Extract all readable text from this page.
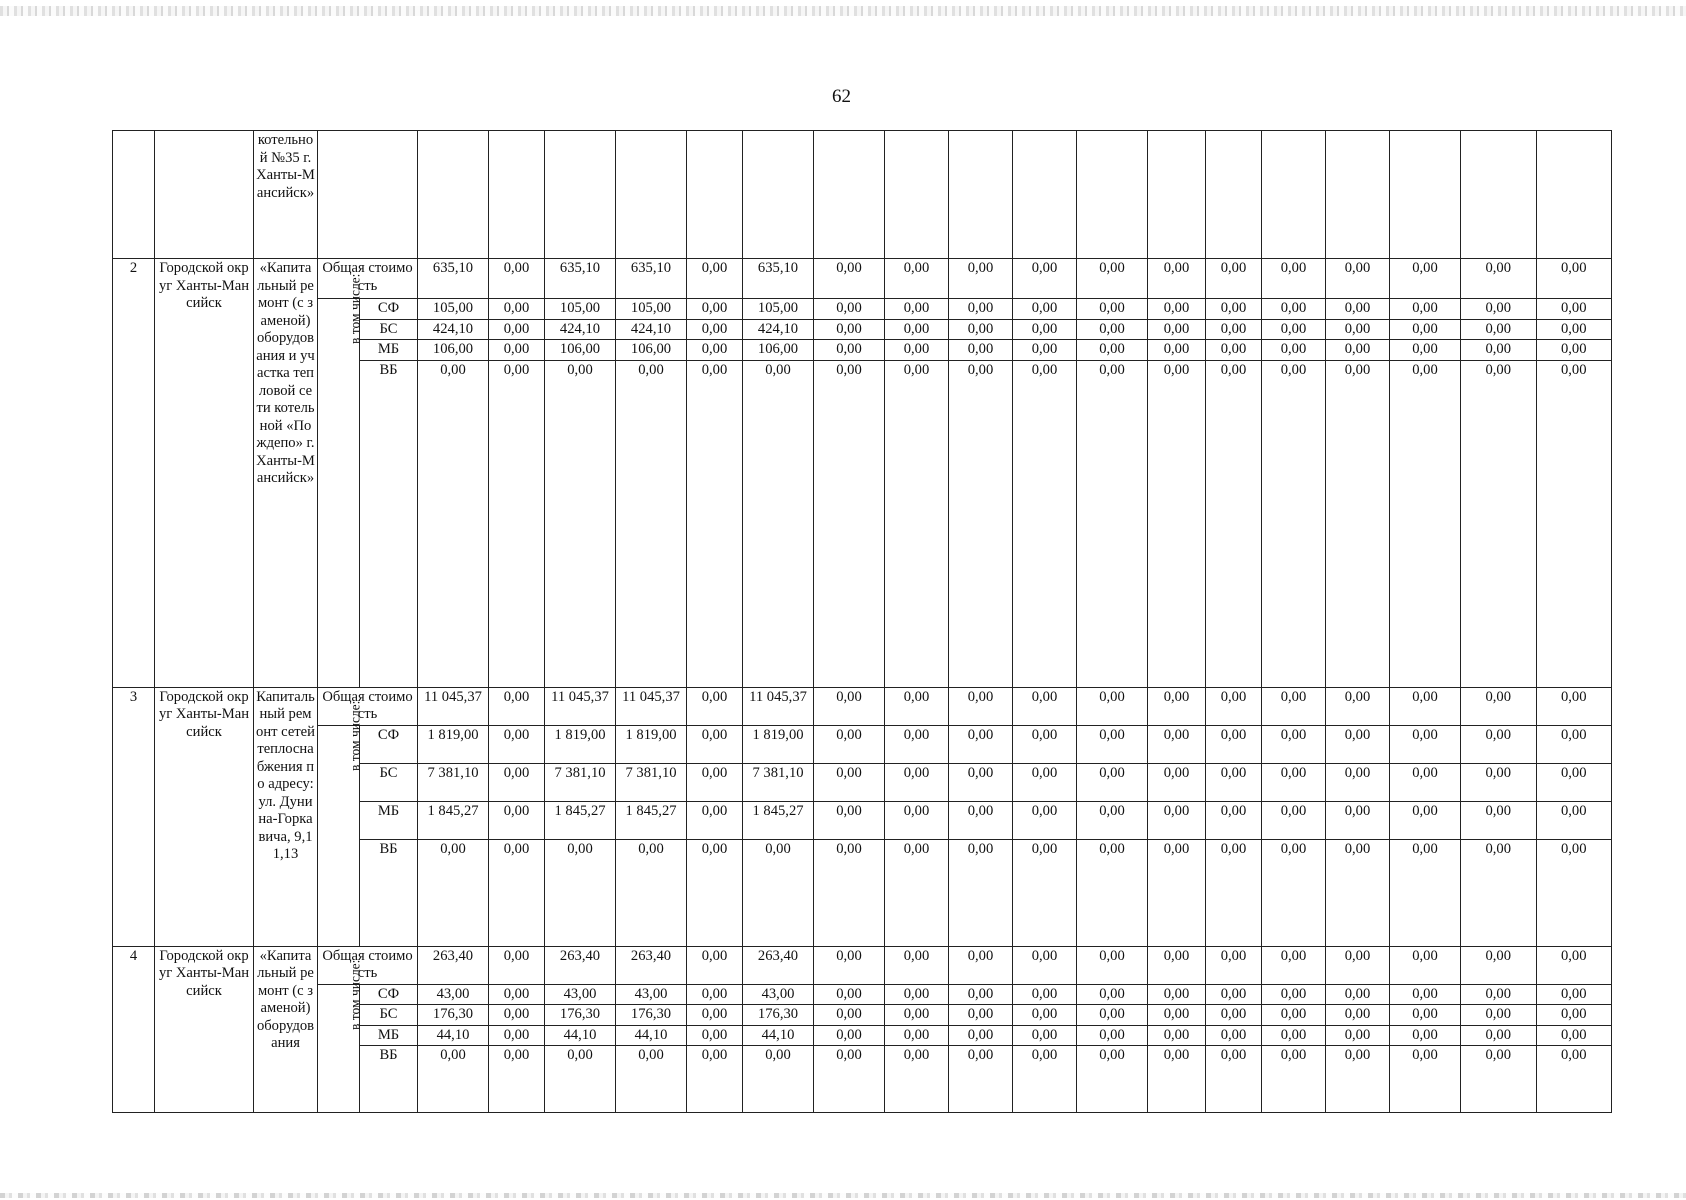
62
		котельной №35 г. Ханты-Мансийск»																				
2	Городской округ Ханты-Мансийск	«Капитальный ремонт (с заменой) оборудования и участка тепловой сети котельной «Пождепо» г. Ханты-Мансийск»	Общая стоимость		635,10	0,00	635,10	635,10	0,00	635,10	0,00	0,00	0,00	0,00	0,00	0,00	0,00	0,00	0,00	0,00	0,00	0,00
			в том числе:	СФ	105,00	0,00	105,00	105,00	0,00	105,00	0,00	0,00	0,00	0,00	0,00	0,00	0,00	0,00	0,00	0,00	0,00	0,00
				БС	424,10	0,00	424,10	424,10	0,00	424,10	0,00	0,00	0,00	0,00	0,00	0,00	0,00	0,00	0,00	0,00	0,00	0,00
				МБ	106,00	0,00	106,00	106,00	0,00	106,00	0,00	0,00	0,00	0,00	0,00	0,00	0,00	0,00	0,00	0,00	0,00	0,00
				ВБ	0,00	0,00	0,00	0,00	0,00	0,00	0,00	0,00	0,00	0,00	0,00	0,00	0,00	0,00	0,00	0,00	0,00	0,00
3	Городской округ Ханты-Мансийск	Капитальный ремонт сетей теплоснабжения по адресу: ул. Дунина-Горкавича, 9,11,13	Общая стоимость		11 045,37	0,00	11 045,37	11 045,37	0,00	11 045,37	0,00	0,00	0,00	0,00	0,00	0,00	0,00	0,00	0,00	0,00	0,00	0,00
			в том числе:	СФ	1 819,00	0,00	1 819,00	1 819,00	0,00	1 819,00	0,00	0,00	0,00	0,00	0,00	0,00	0,00	0,00	0,00	0,00	0,00	0,00
				БС	7 381,10	0,00	7 381,10	7 381,10	0,00	7 381,10	0,00	0,00	0,00	0,00	0,00	0,00	0,00	0,00	0,00	0,00	0,00	0,00
				МБ	1 845,27	0,00	1 845,27	1 845,27	0,00	1 845,27	0,00	0,00	0,00	0,00	0,00	0,00	0,00	0,00	0,00	0,00	0,00	0,00
				ВБ	0,00	0,00	0,00	0,00	0,00	0,00	0,00	0,00	0,00	0,00	0,00	0,00	0,00	0,00	0,00	0,00	0,00	0,00
4	Городской округ Ханты-Мансийск	«Капитальный ремонт (с заменой) оборудования	Общая стоимость		263,40	0,00	263,40	263,40	0,00	263,40	0,00	0,00	0,00	0,00	0,00	0,00	0,00	0,00	0,00	0,00	0,00	0,00
			в том числе:	СФ	43,00	0,00	43,00	43,00	0,00	43,00	0,00	0,00	0,00	0,00	0,00	0,00	0,00	0,00	0,00	0,00	0,00	0,00
				БС	176,30	0,00	176,30	176,30	0,00	176,30	0,00	0,00	0,00	0,00	0,00	0,00	0,00	0,00	0,00	0,00	0,00	0,00
				МБ	44,10	0,00	44,10	44,10	0,00	44,10	0,00	0,00	0,00	0,00	0,00	0,00	0,00	0,00	0,00	0,00	0,00	0,00
				ВБ	0,00	0,00	0,00	0,00	0,00	0,00	0,00	0,00	0,00	0,00	0,00	0,00	0,00	0,00	0,00	0,00	0,00	0,00
